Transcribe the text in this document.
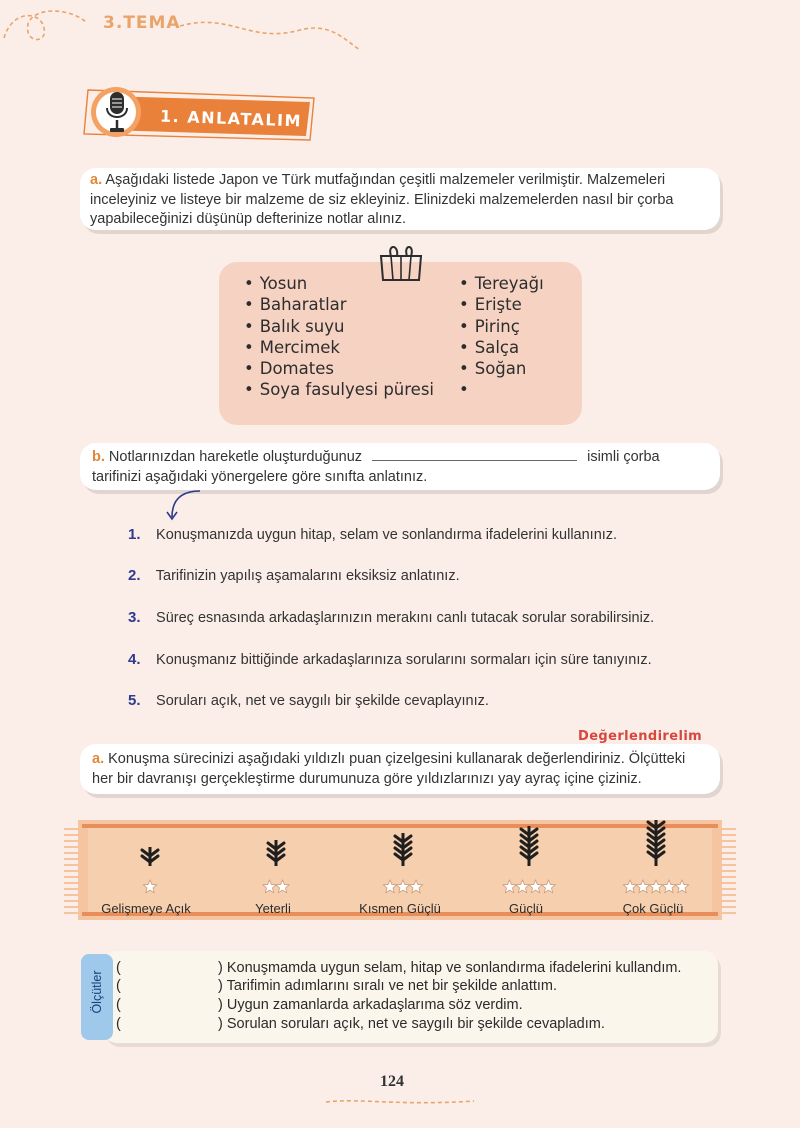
3.TEMA
1. ANLATALIM
a. Aşağıdaki listede Japon ve Türk mutfağından çeşitli malzemeler verilmiştir. Malzemeleri inceleyiniz ve listeye bir malzeme de siz ekleyiniz. Elinizdeki malzemelerden nasıl bir çorba yapabileceğinizi düşünüp defterinize notlar alınız.
• Yosun
• Baharatlar
• Balık suyu
• Mercimek
• Domates
• Soya fasulyesi püresi
• Tereyağı
• Erişte
• Pirinç
• Salça
• Soğan
•
b. Notlarınızdan hareketle oluşturduğunuz	isimli çorba tarifinizi aşağıdaki yönergelere göre sınıfta anlatınız.
1. Konuşmanızda uygun hitap, selam ve sonlandırma ifadelerini kullanınız.
2. Tarifinizin yapılış aşamalarını eksiksiz anlatınız.
3. Süreç esnasında arkadaşlarınızın merakını canlı tutacak sorular sorabilirsiniz.
4. Konuşmanız bittiğinde arkadaşlarınıza sorularını sormaları için süre tanıyınız.
5. Soruları açık, net ve saygılı bir şekilde cevaplayınız.
Değerlendirelim
a. Konuşma sürecinizi aşağıdaki yıldızlı puan çizelgesini kullanarak değerlendiriniz. Ölçütteki her bir davranışı gerçekleştirme durumunuza göre yıldızlarınızı yay ayraç içine çiziniz.
Gelişmeye Açık	Yeterli	Kısmen Güçlü	Güçlü	Çok Güçlü
Ölçütler
(	) Konuşmamda uygun selam, hitap ve sonlandırma ifadelerini kullandım.
(	) Tarifimin adımlarını sıralı ve net bir şekilde anlattım.
(	) Uygun zamanlarda arkadaşlarıma söz verdim.
(	) Sorulan soruları açık, net ve saygılı bir şekilde cevapladım.
124
